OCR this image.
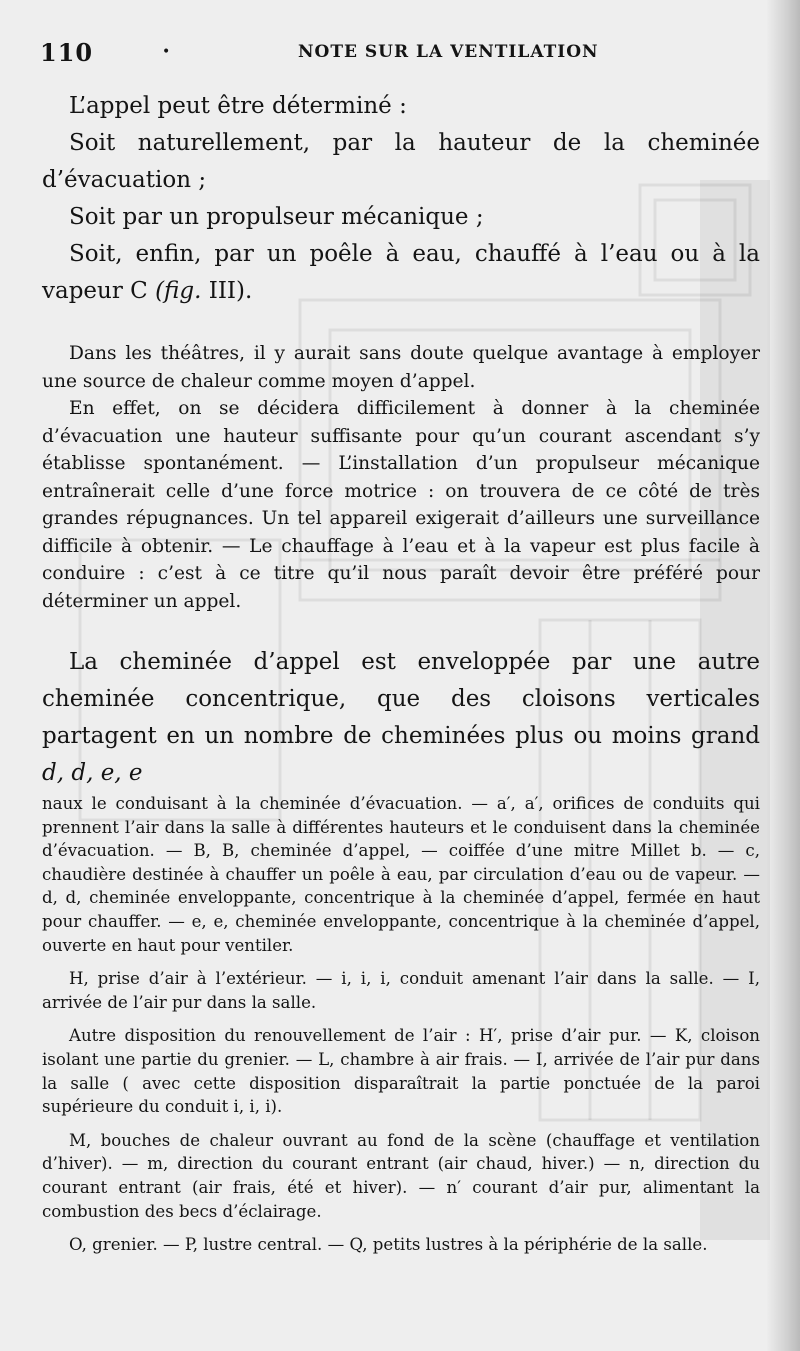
110	•	NOTE SUR LA VENTILATION

L’appel peut être déterminé :

Soit naturellement, par la hauteur de la cheminée d’évacuation ;

Soit par un propulseur mécanique ;

Soit, enfin, par un poêle à eau, chauffé à l’eau ou à la vapeur C (fig. III).

Dans les théâtres, il y aurait sans doute quelque avantage à employer une source de chaleur comme moyen d’appel.

En effet, on se décidera difficilement à donner à la cheminée d’évacuation une hauteur suffisante pour qu’un courant ascendant s’y établisse spontanément. — L’installation d’un propulseur mécanique entraînerait celle d’une force motrice : on trouvera de ce côté de très grandes répugnances. Un tel appareil exigerait d’ailleurs une surveillance difficile à obtenir. — Le chauffage à l’eau et à la vapeur est plus facile à conduire : c’est à ce titre qu’il nous paraît devoir être préféré pour déterminer un appel.

La cheminée d’appel est enveloppée par une autre cheminée concentrique, que des cloisons verticales partagent en un nombre de cheminées plus ou moins grand d, d, e, e

naux le conduisant à la cheminée d’évacuation. — a′, a′, orifices de conduits qui prennent l’air dans la salle à différentes hauteurs et le conduisent dans la cheminée d’évacuation. — B, B, cheminée d’appel, — coiffée d’une mitre Millet b. — c, chaudière destinée à chauffer un poêle à eau, par circulation d’eau ou de vapeur. — d, d, cheminée enveloppante, concentrique à la cheminée d’appel, fermée en haut pour chauffer. — e, e, cheminée enveloppante, concentrique à la cheminée d’appel, ouverte en haut pour ventiler.

H, prise d’air à l’extérieur. — i, i, i, conduit amenant l’air dans la salle. — I, arrivée de l’air pur dans la salle.

Autre disposition du renouvellement de l’air : H′, prise d’air pur. — K, cloison isolant une partie du grenier. — L, chambre à air frais. — I, arrivée de l’air pur dans la salle ( avec cette disposition disparaîtrait la partie ponctuée de la paroi supérieure du conduit i, i, i).

M, bouches de chaleur ouvrant au fond de la scène (chauffage et ventilation d’hiver). — m, direction du courant entrant (air chaud, hiver.) — n, direction du courant entrant (air frais, été et hiver). — n′ courant d’air pur, alimentant la combustion des becs d’éclairage.

O, grenier. — P, lustre central. — Q, petits lustres à la périphérie de la salle.
